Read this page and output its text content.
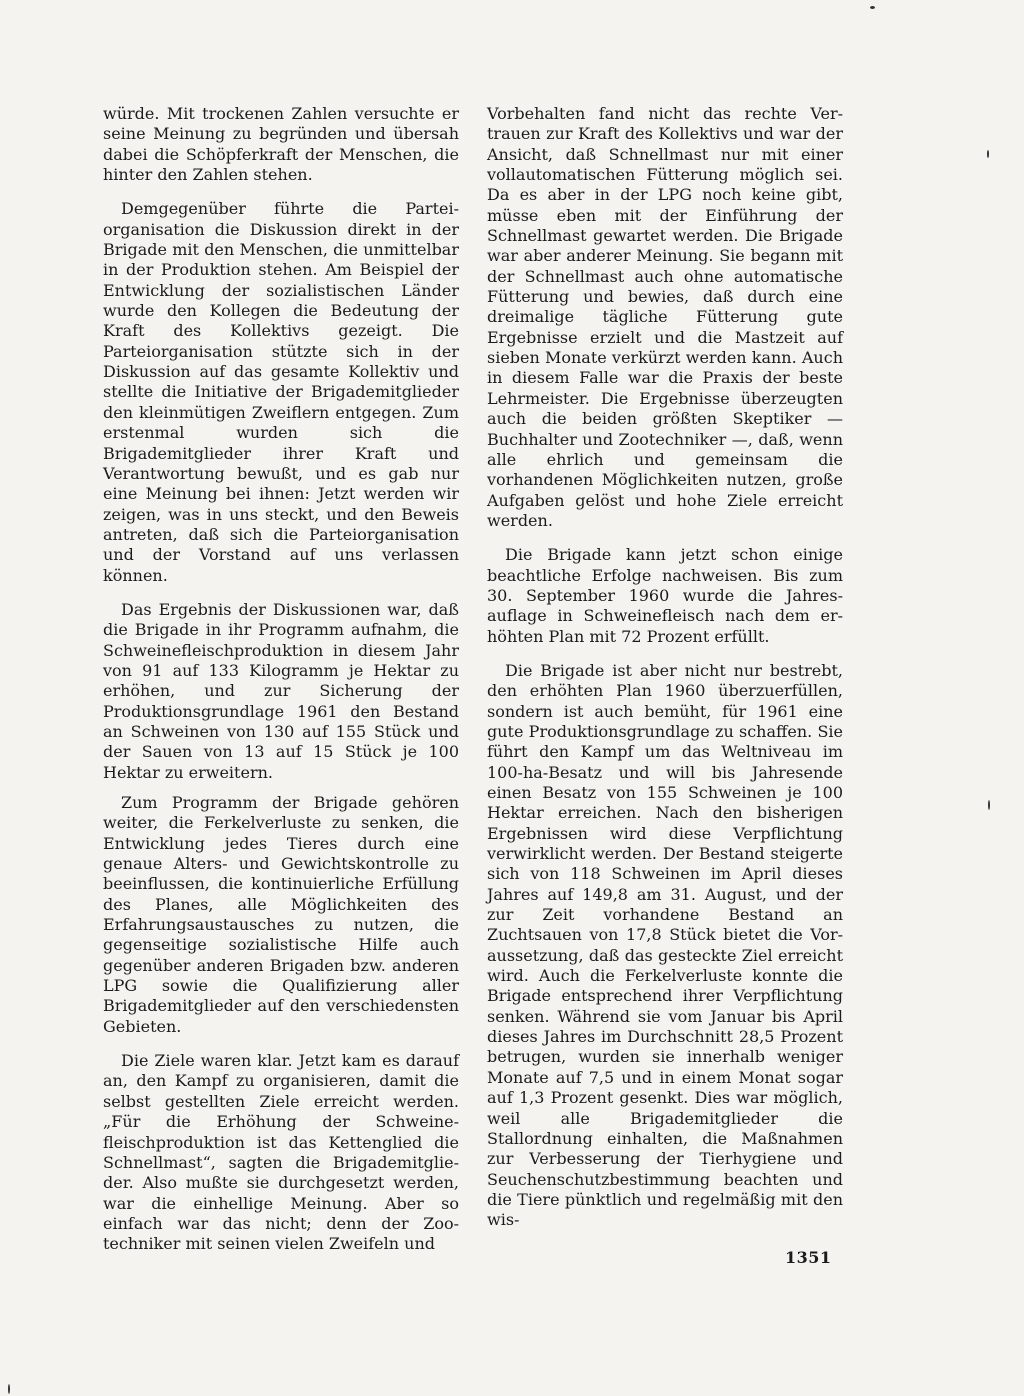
würde. Mit trockenen Zahlen versuchte er seine Meinung zu begründen und übersah dabei die Schöpferkraft der Menschen, die hinter den Zahlen stehen.

Demgegenüber führte die Parteiorganisation die Diskussion direkt in der Brigade mit den Menschen, die unmittelbar in der Produktion stehen. Am Beispiel der Entwicklung der sozialistischen Länder wurde den Kollegen die Bedeutung der Kraft des Kollektivs gezeigt. Die Parteiorganisation stützte sich in der Diskussion auf das gesamte Kollektiv und stellte die Initiative der Brigademitglieder den kleinmütigen Zweiflern entgegen. Zum erstenmal wurden sich die Brigademitglieder ihrer Kraft und Verantwortung bewußt, und es gab nur eine Meinung bei ihnen: Jetzt werden wir zeigen, was in uns steckt, und den Beweis antreten, daß sich die Parteiorganisation und der Vorstand auf uns verlassen können.

Das Ergebnis der Diskussionen war, daß die Brigade in ihr Programm aufnahm, die Schweinefleischproduktion in diesem Jahr von 91 auf 133 Kilogramm je Hektar zu erhöhen, und zur Sicherung der Produktionsgrundlage 1961 den Bestand an Schweinen von 130 auf 155 Stück und der Sauen von 13 auf 15 Stück je 100 Hektar zu erweitern.

Zum Programm der Brigade gehören weiter, die Ferkelverluste zu senken, die Entwicklung jedes Tieres durch eine genaue Alters- und Gewichtskontrolle zu beeinflussen, die kontinuierliche Erfüllung des Planes, alle Möglichkeiten des Erfahrungsaustausches zu nutzen, die gegenseitige sozialistische Hilfe auch gegenüber anderen Brigaden bzw. anderen LPG sowie die Qualifizierung aller Brigademitglieder auf den verschiedensten Gebieten.

Die Ziele waren klar. Jetzt kam es darauf an, den Kampf zu organisieren, damit die selbst gestellten Ziele erreicht werden. „Für die Erhöhung der Schweinefleischproduktion ist das Kettenglied die Schnellmast“, sagten die Brigademitglieder. Also mußte sie durchgesetzt werden, war die einhellige Meinung. Aber so einfach war das nicht; denn der Zootechniker mit seinen vielen Zweifeln und

Vorbehalten fand nicht das rechte Vertrauen zur Kraft des Kollektivs und war der Ansicht, daß Schnellmast nur mit einer vollautomatischen Fütterung möglich sei. Da es aber in der LPG noch keine gibt, müsse eben mit der Einführung der Schnellmast gewartet werden. Die Brigade war aber anderer Meinung. Sie begann mit der Schnellmast auch ohne automatische Fütterung und bewies, daß durch eine dreimalige tägliche Fütterung gute Ergebnisse erzielt und die Mastzeit auf sieben Monate verkürzt werden kann. Auch in diesem Falle war die Praxis der beste Lehrmeister. Die Ergebnisse überzeugten auch die beiden größten Skeptiker — Buchhalter und Zootechniker —, daß, wenn alle ehrlich und gemeinsam die vorhandenen Möglichkeiten nutzen, große Aufgaben gelöst und hohe Ziele erreicht werden.

Die Brigade kann jetzt schon einige beachtliche Erfolge nachweisen. Bis zum 30. September 1960 wurde die Jahresauflage in Schweinefleisch nach dem erhöhten Plan mit 72 Prozent erfüllt.

Die Brigade ist aber nicht nur bestrebt, den erhöhten Plan 1960 überzuerfüllen, sondern ist auch bemüht, für 1961 eine gute Produktionsgrundlage zu schaffen. Sie führt den Kampf um das Weltniveau im 100-ha-Besatz und will bis Jahresende einen Besatz von 155 Schweinen je 100 Hektar erreichen. Nach den bisherigen Ergebnissen wird diese Verpflichtung verwirklicht werden. Der Bestand steigerte sich von 118 Schweinen im April dieses Jahres auf 149,8 am 31. August, und der zur Zeit vorhandene Bestand an Zuchtsauen von 17,8 Stück bietet die Voraussetzung, daß das gesteckte Ziel erreicht wird. Auch die Ferkelverluste konnte die Brigade entsprechend ihrer Verpflichtung senken. Während sie vom Januar bis April dieses Jahres im Durchschnitt 28,5 Prozent betrugen, wurden sie innerhalb weniger Monate auf 7,5 und in einem Monat sogar auf 1,3 Prozent gesenkt. Dies war möglich, weil alle Brigademitglieder die Stallordnung einhalten, die Maßnahmen zur Verbesserung der Tierhygiene und Seuchenschutzbestimmung beachten und die Tiere pünktlich und regelmäßig mit den wis-

1351
